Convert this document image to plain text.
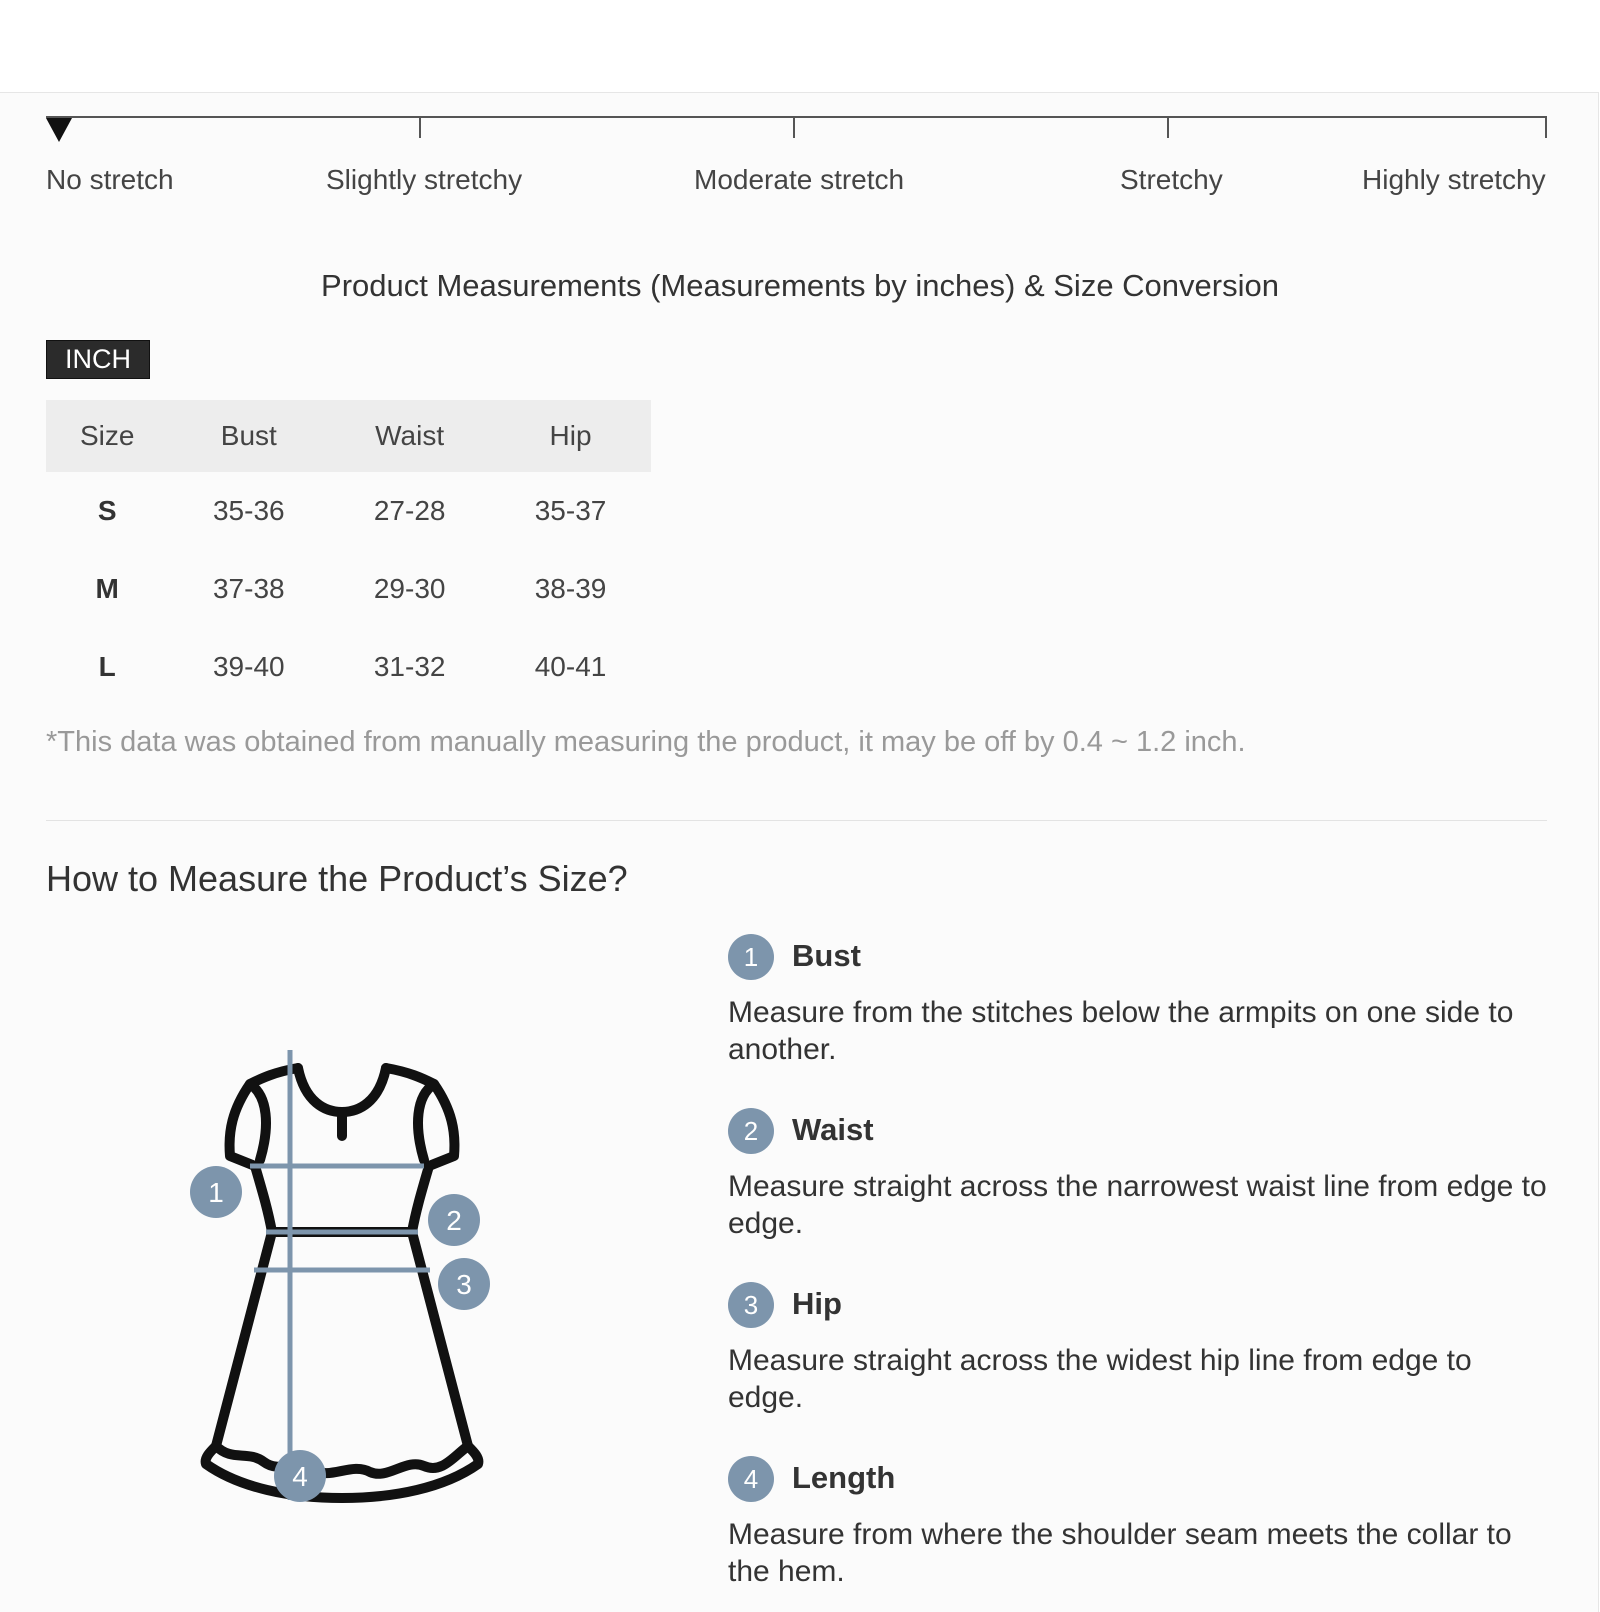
No stretch	Slightly stretchy	Moderate stretch	Stretchy	Highly stretchy
Product Measurements (Measurements by inches) & Size Conversion
INCH
Size	Bust	Waist	Hip
S	35-36	27-28	35-37
M	37-38	29-30	38-39
L	39-40	31-32	40-41
*This data was obtained from manually measuring the product, it may be off by 0.4 ~ 1.2 inch.
How to Measure the Product’s Size?
1
2
3
4
1	Bust
Measure from the stitches below the armpits on one side to another.
2	Waist
Measure straight across the narrowest waist line from edge to edge.
3	Hip
Measure straight across the widest hip line from edge to edge.
4	Length
Measure from where the shoulder seam meets the collar to the hem.
